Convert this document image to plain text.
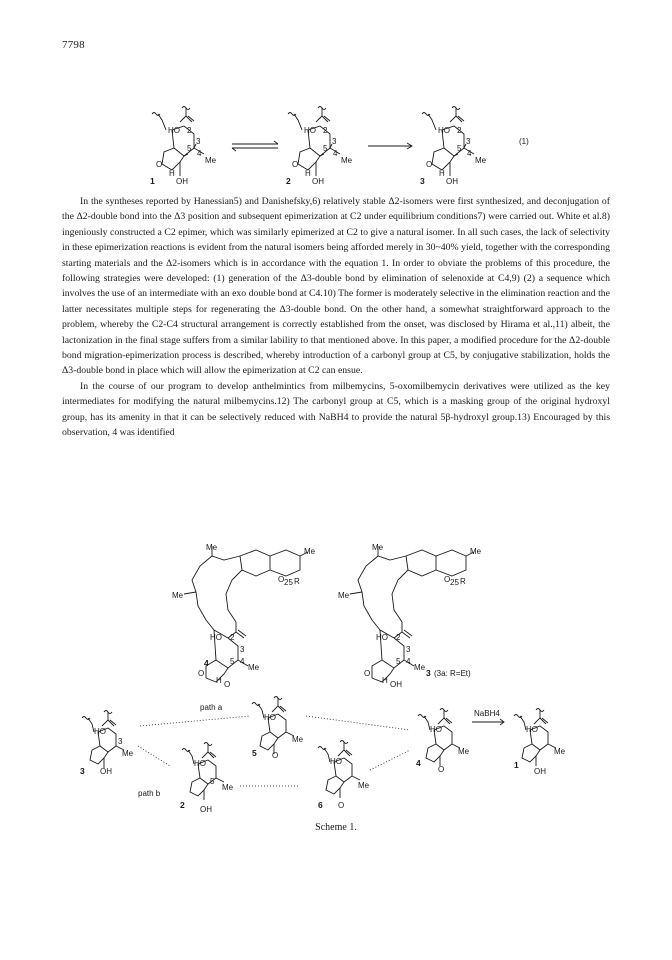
7798
HO 2
3
5
4
Me
O
H
OH
1
HO 2
3
5
4
Me
O
H
OH
2
HO 2
3
5
4
Me
O
H
OH
3
(1)

In the syntheses reported by Hanessian5) and Danishefsky,6) relatively stable Δ2-isomers were first synthesized, and deconjugation of the Δ2-double bond into the Δ3 position and subsequent epimerization at C2 under equilibrium conditions7) were carried out. White et al.8) ingeniously constructed a C2 epimer, which was similarly epimerized at C2 to give a natural isomer. In all such cases, the lack of selectivity in these epimerization reactions is evident from the natural isomers being afforded merely in 30~40% yield, together with the corresponding starting materials and the Δ2-isomers which is in accordance with the equation 1. In order to obviate the problems of this procedure, the following strategies were developed: (1) generation of the Δ3-double bond by elimination of selenoxide at C4,9) (2) a sequence which involves the use of an intermediate with an exo double bond at C4.10) The former is moderately selective in the elimination reaction and the latter necessitates multiple steps for regenerating the Δ3-double bond. On the other hand, a somewhat straightforward approach to the problem, whereby the C2-C4 structural arrangement is correctly established from the onset, was disclosed by Hirama et al.,11) albeit, the lactonization in the final stage suffers from a similar lability to that mentioned above. In this paper, a modified procedure for the Δ2-double bond migration-epimerization process is described, whereby introduction of a carbonyl group at C5, by conjugative stabilization, holds the Δ3-double bond in place which will allow the epimerization at C2 can ensue.

In the course of our program to develop anthelmintics from milbemycins, 5-oxomilbemycin derivatives were utilized as the key intermediates for modifying the natural milbemycins.12) The carbonyl group at C5, which is a masking group of the original hydroxyl group, has its amenity in that it can be selectively reduced with NaBH4 to provide the natural 5β-hydroxyl group.13) Encouraged by this observation, 4 was identified

Me	Me
Me
O 25 R
HO 2
3
5 4
Me
O
H O
4
Me	Me
Me
O 25 R
HO 2
3
5 4
Me
O
H OH
3 (3a: R=Et)
HO
3
Me
OH
3
path a
path b
HO
5
Me
OH
2
HO
Me
O
5
HO
Me
O
6
HO
Me
O
4
NaBH4
HO
Me
OH
1
Scheme 1.
